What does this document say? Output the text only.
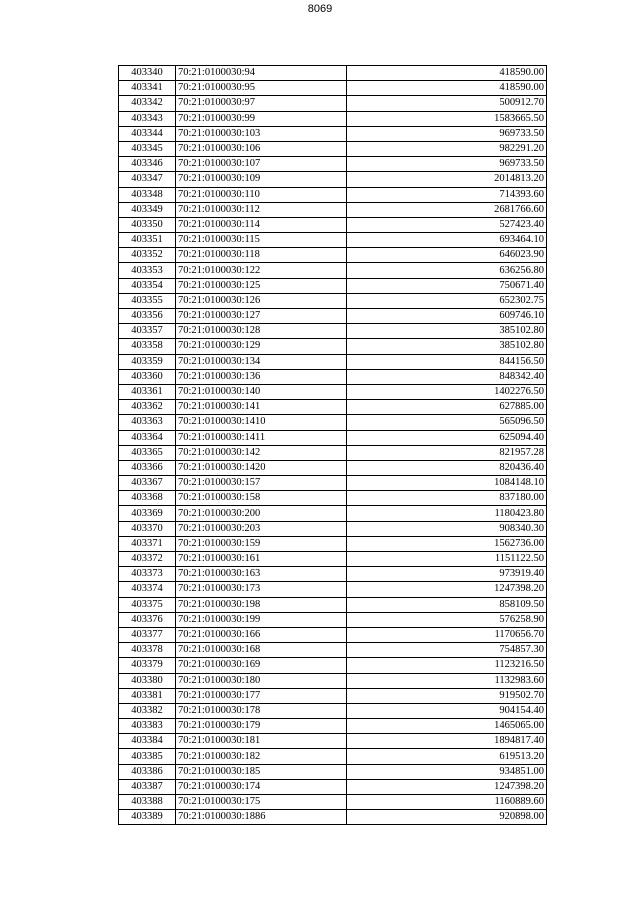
8069
403340	70:21:0100030:94	418590.00
403341	70:21:0100030:95	418590.00
403342	70:21:0100030:97	500912.70
403343	70:21:0100030:99	1583665.50
403344	70:21:0100030:103	969733.50
403345	70:21:0100030:106	982291.20
403346	70:21:0100030:107	969733.50
403347	70:21:0100030:109	2014813.20
403348	70:21:0100030:110	714393.60
403349	70:21:0100030:112	2681766.60
403350	70:21:0100030:114	527423.40
403351	70:21:0100030:115	693464.10
403352	70:21:0100030:118	646023.90
403353	70:21:0100030:122	636256.80
403354	70:21:0100030:125	750671.40
403355	70:21:0100030:126	652302.75
403356	70:21:0100030:127	609746.10
403357	70:21:0100030:128	385102.80
403358	70:21:0100030:129	385102.80
403359	70:21:0100030:134	844156.50
403360	70:21:0100030:136	848342.40
403361	70:21:0100030:140	1402276.50
403362	70:21:0100030:141	627885.00
403363	70:21:0100030:1410	565096.50
403364	70:21:0100030:1411	625094.40
403365	70:21:0100030:142	821957.28
403366	70:21:0100030:1420	820436.40
403367	70:21:0100030:157	1084148.10
403368	70:21:0100030:158	837180.00
403369	70:21:0100030:200	1180423.80
403370	70:21:0100030:203	908340.30
403371	70:21:0100030:159	1562736.00
403372	70:21:0100030:161	1151122.50
403373	70:21:0100030:163	973919.40
403374	70:21:0100030:173	1247398.20
403375	70:21:0100030:198	858109.50
403376	70:21:0100030:199	576258.90
403377	70:21:0100030:166	1170656.70
403378	70:21:0100030:168	754857.30
403379	70:21:0100030:169	1123216.50
403380	70:21:0100030:180	1132983.60
403381	70:21:0100030:177	919502.70
403382	70:21:0100030:178	904154.40
403383	70:21:0100030:179	1465065.00
403384	70:21:0100030:181	1894817.40
403385	70:21:0100030:182	619513.20
403386	70:21:0100030:185	934851.00
403387	70:21:0100030:174	1247398.20
403388	70:21:0100030:175	1160889.60
403389	70:21:0100030:1886	920898.00
